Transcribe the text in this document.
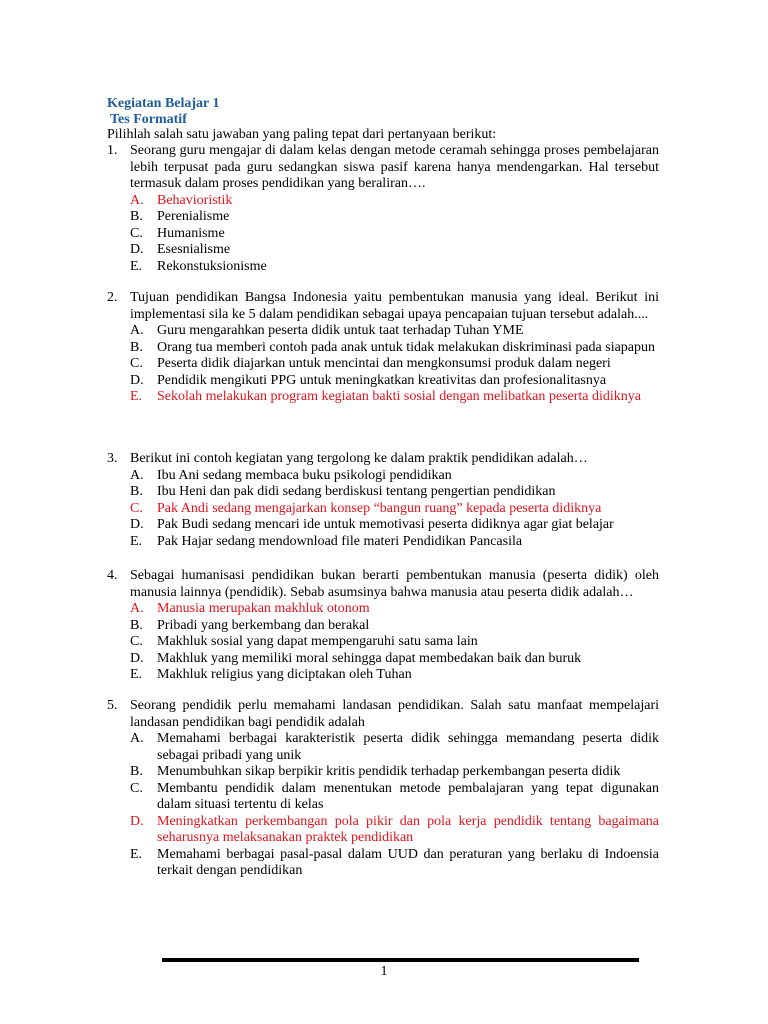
Kegiatan Belajar 1
Tes Formatif
Pilihlah salah satu jawaban yang paling tepat dari pertanyaan berikut:
1. Seorang guru mengajar di dalam kelas dengan metode ceramah sehingga proses pembelajaran lebih terpusat pada guru sedangkan siswa pasif karena hanya mendengarkan. Hal tersebut termasuk dalam proses pendidikan yang beraliran….
A. Behavioristik
B.	Perenialisme
C.	Humanisme
D. Esesnialisme
E.	Rekonstuksionisme
2. Tujuan pendidikan Bangsa Indonesia yaitu pembentukan manusia yang ideal. Berikut ini implementasi sila ke 5 dalam pendidikan sebagai upaya pencapaian tujuan tersebut adalah....
A. Guru mengarahkan peserta didik untuk taat terhadap Tuhan YME
B.	Orang tua memberi contoh pada anak untuk tidak melakukan diskriminasi pada siapapun
C.	Peserta didik diajarkan untuk mencintai dan mengkonsumsi produk dalam negeri
D. Pendidik mengikuti PPG untuk meningkatkan kreativitas dan profesionalitasnya
E.	Sekolah melakukan program kegiatan bakti sosial dengan melibatkan peserta didiknya
3. Berikut ini contoh kegiatan yang tergolong ke dalam praktik pendidikan adalah…
A. Ibu Ani sedang membaca buku psikologi pendidikan
B.	Ibu Heni dan pak didi sedang berdiskusi tentang pengertian pendidikan
C.	Pak Andi sedang mengajarkan konsep “bangun ruang” kepada peserta didiknya
D. Pak Budi sedang mencari ide untuk memotivasi peserta didiknya agar giat belajar
E.	Pak Hajar sedang mendownload file materi Pendidikan Pancasila
4. Sebagai humanisasi pendidikan bukan berarti pembentukan manusia (peserta didik) oleh manusia lainnya (pendidik). Sebab asumsinya bahwa manusia atau peserta didik adalah…
A. Manusia merupakan makhluk otonom
B.	Pribadi yang berkembang dan berakal
C.	Makhluk sosial yang dapat mempengaruhi satu sama lain
D. Makhluk yang memiliki moral sehingga dapat membedakan baik dan buruk
E.	Makhluk religius yang diciptakan oleh Tuhan
5. Seorang pendidik perlu memahami landasan pendidikan. Salah satu manfaat mempelajari landasan pendidikan bagi pendidik adalah
A. Memahami berbagai karakteristik peserta didik sehingga memandang peserta didik sebagai pribadi yang unik
B.	Menumbuhkan sikap berpikir kritis pendidik terhadap perkembangan peserta didik
C.	Membantu pendidik dalam menentukan metode pembalajaran yang tepat digunakan dalam situasi tertentu di kelas
D. Meningkatkan perkembangan pola pikir dan pola kerja pendidik tentang bagaimana seharusnya melaksanakan praktek pendidikan
E.	Memahami berbagai pasal-pasal dalam UUD dan peraturan yang berlaku di Indoensia terkait dengan pendidikan
1
